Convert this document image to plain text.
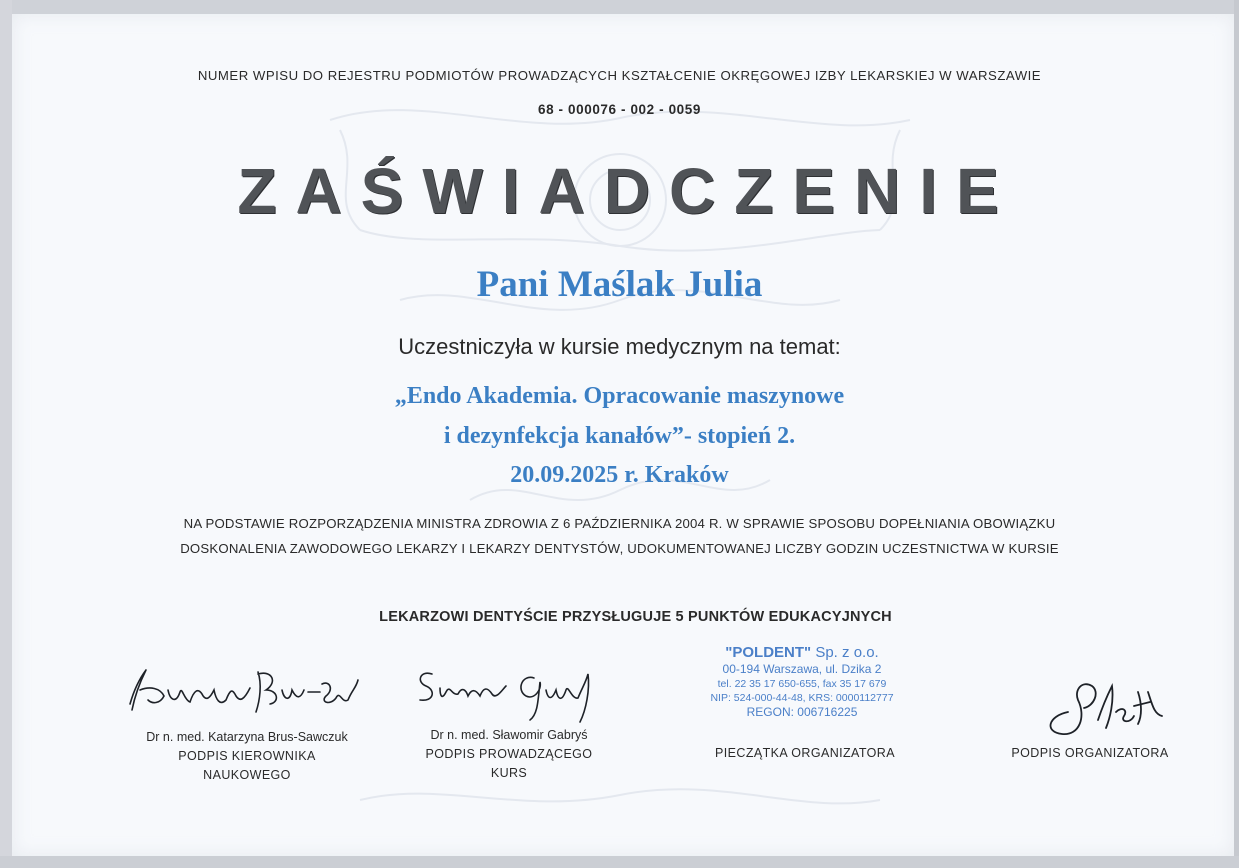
NUMER WPISU DO REJESTRU PODMIOTÓW PROWADZĄCYCH KSZTAŁCENIE OKRĘGOWEJ IZBY LEKARSKIEJ W WARSZAWIE
68 - 000076 - 002 - 0059
ZAŚWIADCZENIE
Pani Maślak Julia
Uczestniczyła w kursie medycznym na temat:
„Endo Akademia. Opracowanie maszynowe
i dezynfekcja kanałów”- stopień 2.
20.09.2025 r. Kraków
NA PODSTAWIE ROZPORZĄDZENIA MINISTRA ZDROWIA Z 6 PAŹDZIERNIKA 2004 R. W SPRAWIE SPOSOBU DOPEŁNIANIA OBOWIĄZKU
DOSKONALENIA ZAWODOWEGO LEKARZY I LEKARZY DENTYSTÓW, UDOKUMENTOWANEJ LICZBY GODZIN UCZESTNICTWA W KURSIE
LEKARZOWI DENTYŚCIE PRZYSŁUGUJE 5 PUNKTÓW EDUKACYJNYCH
"POLDENT" Sp. z o.o.
00-194 Warszawa, ul. Dzika 2
tel. 22 35 17 650-655, fax 35 17 679
NIP: 524-000-44-48, KRS: 0000112777
REGON: 006716225
Dr n. med. Katarzyna Brus-Sawczuk
PODPIS KIEROWNIKA
NAUKOWEGO
Dr n. med. Sławomir Gabryś
PODPIS PROWADZĄCEGO
KURS
PIECZĄTKA ORGANIZATORA	PODPIS ORGANIZATORA
